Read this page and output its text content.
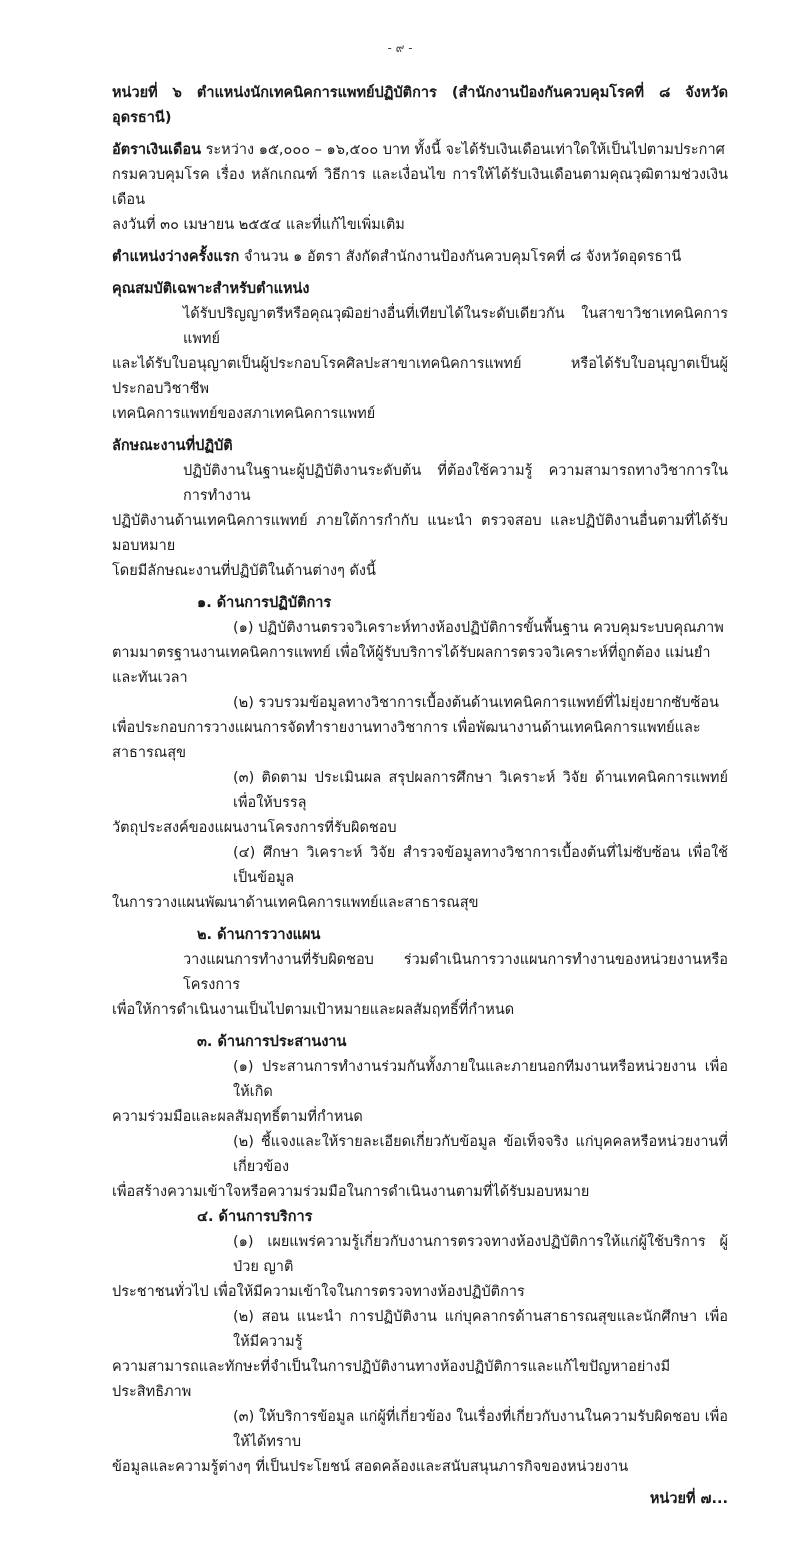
- ๙ -
หน่วยที่ ๖ ตำแหน่งนักเทคนิคการแพทย์ปฏิบัติการ (สำนักงานป้องกันควบคุมโรคที่ ๘ จังหวัดอุดรธานี)
อัตราเงินเดือน ระหว่าง ๑๕,๐๐๐ – ๑๖,๕๐๐ บาท ทั้งนี้ จะได้รับเงินเดือนเท่าใดให้เป็นไปตามประกาศ
กรมควบคุมโรค เรื่อง หลักเกณฑ์ วิธีการ และเงื่อนไข การให้ได้รับเงินเดือนตามคุณวุฒิตามช่วงเงินเดือน
ลงวันที่ ๓๐ เมษายน ๒๕๕๔ และที่แก้ไขเพิ่มเติม
ตำแหน่งว่างครั้งแรก จำนวน ๑ อัตรา สังกัดสำนักงานป้องกันควบคุมโรคที่ ๘ จังหวัดอุดรธานี
คุณสมบัติเฉพาะสำหรับตำแหน่ง
ได้รับปริญญาตรีหรือคุณวุฒิอย่างอื่นที่เทียบได้ในระดับเดียวกัน ในสาขาวิชาเทคนิคการแพทย์
และได้รับใบอนุญาตเป็นผู้ประกอบโรคศิลปะสาขาเทคนิคการแพทย์ หรือได้รับใบอนุญาตเป็นผู้ประกอบวิชาชีพ
เทคนิคการแพทย์ของสภาเทคนิคการแพทย์
ลักษณะงานที่ปฏิบัติ
ปฏิบัติงานในฐานะผู้ปฏิบัติงานระดับต้น ที่ต้องใช้ความรู้ ความสามารถทางวิชาการในการทำงาน
ปฏิบัติงานด้านเทคนิคการแพทย์ ภายใต้การกำกับ แนะนำ ตรวจสอบ และปฏิบัติงานอื่นตามที่ได้รับมอบหมาย
โดยมีลักษณะงานที่ปฏิบัติในด้านต่างๆ ดังนี้
๑. ด้านการปฏิบัติการ
(๑) ปฏิบัติงานตรวจวิเคราะห์ทางห้องปฏิบัติการขั้นพื้นฐาน ควบคุมระบบคุณภาพ
ตามมาตรฐานงานเทคนิคการแพทย์ เพื่อให้ผู้รับบริการได้รับผลการตรวจวิเคราะห์ที่ถูกต้อง แม่นยำและทันเวลา
(๒) รวบรวมข้อมูลทางวิชาการเบื้องต้นด้านเทคนิคการแพทย์ที่ไม่ยุ่งยากซับซ้อน
เพื่อประกอบการวางแผนการจัดทำรายงานทางวิชาการ เพื่อพัฒนางานด้านเทคนิคการแพทย์และสาธารณสุข
(๓) ติดตาม ประเมินผล สรุปผลการศึกษา วิเคราะห์ วิจัย ด้านเทคนิคการแพทย์ เพื่อให้บรรลุ
วัตถุประสงค์ของแผนงานโครงการที่รับผิดชอบ
(๔) ศึกษา วิเคราะห์ วิจัย สำรวจข้อมูลทางวิชาการเบื้องต้นที่ไม่ซับซ้อน เพื่อใช้เป็นข้อมูล
ในการวางแผนพัฒนาด้านเทคนิคการแพทย์และสาธารณสุข
๒. ด้านการวางแผน
วางแผนการทำงานที่รับผิดชอบ ร่วมดำเนินการวางแผนการทำงานของหน่วยงานหรือโครงการ
เพื่อให้การดำเนินงานเป็นไปตามเป้าหมายและผลสัมฤทธิ์ที่กำหนด
๓. ด้านการประสานงาน
(๑) ประสานการทำงานร่วมกันทั้งภายในและภายนอกทีมงานหรือหน่วยงาน เพื่อให้เกิด
ความร่วมมือและผลสัมฤทธิ์ตามที่กำหนด
(๒) ชี้แจงและให้รายละเอียดเกี่ยวกับข้อมูล ข้อเท็จจริง แก่บุคคลหรือหน่วยงานที่เกี่ยวข้อง
เพื่อสร้างความเข้าใจหรือความร่วมมือในการดำเนินงานตามที่ได้รับมอบหมาย
๔. ด้านการบริการ
(๑) เผยแพร่ความรู้เกี่ยวกับงานการตรวจทางห้องปฏิบัติการให้แก่ผู้ใช้บริการ ผู้ป่วย ญาติ
ประชาชนทั่วไป เพื่อให้มีความเข้าใจในการตรวจทางห้องปฏิบัติการ
(๒) สอน แนะนำ การปฏิบัติงาน แก่บุคลากรด้านสาธารณสุขและนักศึกษา เพื่อให้มีความรู้
ความสามารถและทักษะที่จำเป็นในการปฏิบัติงานทางห้องปฏิบัติการและแก้ไขปัญหาอย่างมีประสิทธิภาพ
(๓) ให้บริการข้อมูล แก่ผู้ที่เกี่ยวข้อง ในเรื่องที่เกี่ยวกับงานในความรับผิดชอบ เพื่อให้ได้ทราบ
ข้อมูลและความรู้ต่างๆ ที่เป็นประโยชน์ สอดคล้องและสนับสนุนภารกิจของหน่วยงาน
หน่วยที่ ๗...
